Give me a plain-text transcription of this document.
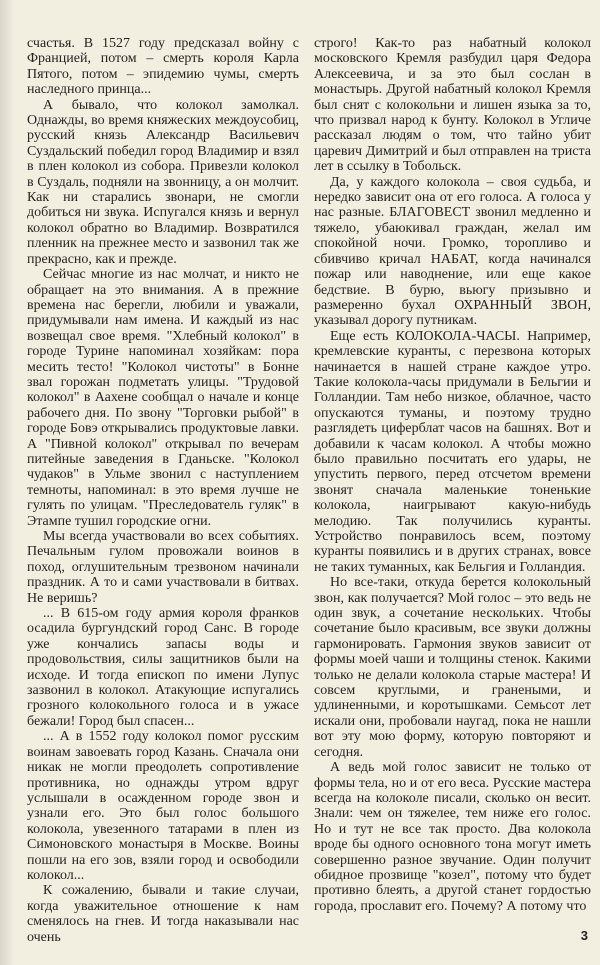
счастья. В 1527 году предсказал войну с Францией, потом – смерть короля Карла Пятого, потом – эпидемию чумы, смерть наследного принца...

А бывало, что колокол замолкал. Однажды, во время княжеских междоусобиц, русский князь Александр Васильевич Суздальский победил город Владимир и взял в плен колокол из собора. Привезли колокол в Суздаль, подняли на звонницу, а он молчит. Как ни старались звонари, не смогли добиться ни звука. Испугался князь и вернул колокол обратно во Владимир. Возвратился пленник на прежнее место и зазвонил так же прекрасно, как и прежде.

Сейчас многие из нас молчат, и никто не обращает на это внимания. А в прежние времена нас берегли, любили и уважали, придумывали нам имена. И каждый из нас возвещал свое время. "Хлебный колокол" в городе Турине напоминал хозяйкам: пора месить тесто! "Колокол чистоты" в Бонне звал горожан подметать улицы. "Трудовой колокол" в Аахене сообщал о начале и конце рабочего дня. По звону "Торговки рыбой" в городе Бовэ открывались продуктовые лавки. А "Пивной колокол" открывал по вечерам питейные заведения в Гданьске. "Колокол чудаков" в Ульме звонил с наступлением темноты, напоминал: в это время лучше не гулять по улицам. "Преследователь гуляк" в Этампе тушил городские огни.

Мы всегда участвовали во всех событиях. Печальным гулом провожали воинов в поход, оглушительным трезвоном начинали праздник. А то и сами участвовали в битвах. Не веришь?

... В 615-ом году армия короля франков осадила бургундский город Санс. В городе уже кончались запасы воды и продовольствия, силы защитников были на исходе. И тогда епископ по имени Лупус зазвонил в колокол. Атакующие испугались грозного колокольного голоса и в ужасе бежали! Город был спасен...

... А в 1552 году колокол помог русским воинам завоевать город Казань. Сначала они никак не могли преодолеть сопротивление противника, но однажды утром вдруг услышали в осажденном городе звон и узнали его. Это был голос большого колокола, увезенного татарами в плен из Симоновского монастыря в Москве. Воины пошли на его зов, взяли город и освободили колокол...

К сожалению, бывали и такие случаи, когда уважительное отношение к нам сменялось на гнев. И тогда наказывали нас очень

строго! Как-то раз набатный колокол московского Кремля разбудил царя Федора Алексеевича, и за это был сослан в монастырь. Другой набатный колокол Кремля был снят с колокольни и лишен языка за то, что призвал народ к бунту. Колокол в Угличе рассказал людям о том, что тайно убит царевич Димитрий и был отправлен на триста лет в ссылку в Тобольск.

Да, у каждого колокола – своя судьба, и нередко зависит она от его голоса. А голоса у нас разные. БЛАГОВЕСТ звонил медленно и тяжело, убаюкивал граждан, желал им спокойной ночи. Громко, торопливо и сбивчиво кричал НАБАТ, когда начинался пожар или наводнение, или еще какое бедствие. В бурю, вьюгу призывно и размеренно бухал ОХРАННЫЙ ЗВОН, указывал дорогу путникам.

Еще есть КОЛОКОЛА-ЧАСЫ. Например, кремлевские куранты, с перезвона которых начинается в нашей стране каждое утро. Такие колокола-часы придумали в Бельгии и Голландии. Там небо низкое, облачное, часто опускаются туманы, и поэтому трудно разглядеть циферблат часов на башнях. Вот и добавили к часам колокол. А чтобы можно было правильно посчитать его удары, не упустить первого, перед отсчетом времени звонят сначала маленькие тоненькие колокола, наигрывают какую-нибудь мелодию. Так получились куранты. Устройство понравилось всем, поэтому куранты появились и в других странах, вовсе не таких туманных, как Бельгия и Голландия.

Но все-таки, откуда берется колокольный звон, как получается? Мой голос – это ведь не один звук, а сочетание нескольких. Чтобы сочетание было красивым, все звуки должны гармонировать. Гармония звуков зависит от формы моей чаши и толщины стенок. Какими только не делали колокола старые мастера! И совсем круглыми, и гранеными, и удлиненными, и коротышками. Семьсот лет искали они, пробовали наугад, пока не нашли вот эту мою форму, которую повторяют и сегодня.

А ведь мой голос зависит не только от формы тела, но и от его веса. Русские мастера всегда на колоколе писали, сколько он весит. Знали: чем он тяжелее, тем ниже его голос. Но и тут не все так просто. Два колокола вроде бы одного основного тона могут иметь совершенно разное звучание. Один получит обидное прозвище "козел", потому что будет противно блеять, а другой станет гордостью города, прославит его. Почему? А потому что

3
